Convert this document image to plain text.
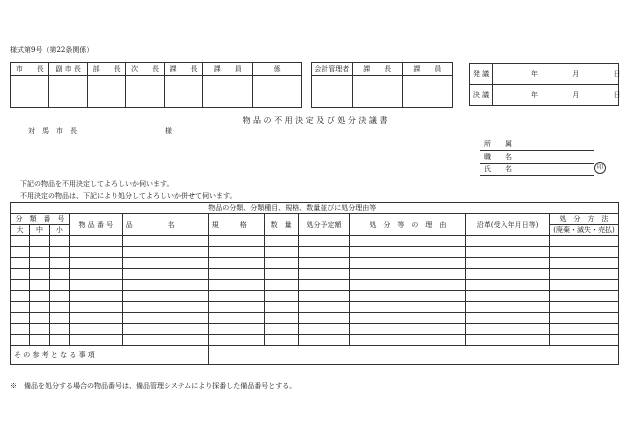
様式第9号（第22条関係）
市　　長	副 市 長	部　　長	次　　長	課　　長	課　　員	係
							会計管理者	課　　長	課　　員

発 議	年 月 日
決 議	年 月 日
物 品 の 不 用 決 定 及 び 処 分 決 議 書
対　馬　市　長	様
所　　属
職　　名
氏　　名	印
下記の物品を不用決定してよろしいか伺います。
不用決定の物品は、下記により処分してよろしいか併せて伺います。
					物品の分類、分類種目、規格、数量並びに処分理由等					
分　類　番　号			物 品 番 号	品　　　　　名	規　　　格	数　量	処分予定額	処　分　等　の　理　由	沿革(受入年月日等)	処　分　方　法
大	中	小								(廃棄・滅失・売払)

そ の 参 考 と な る 事 項										
※　備品を処分する場合の物品番号は、備品管理システムにより採番した備品番号とする。
